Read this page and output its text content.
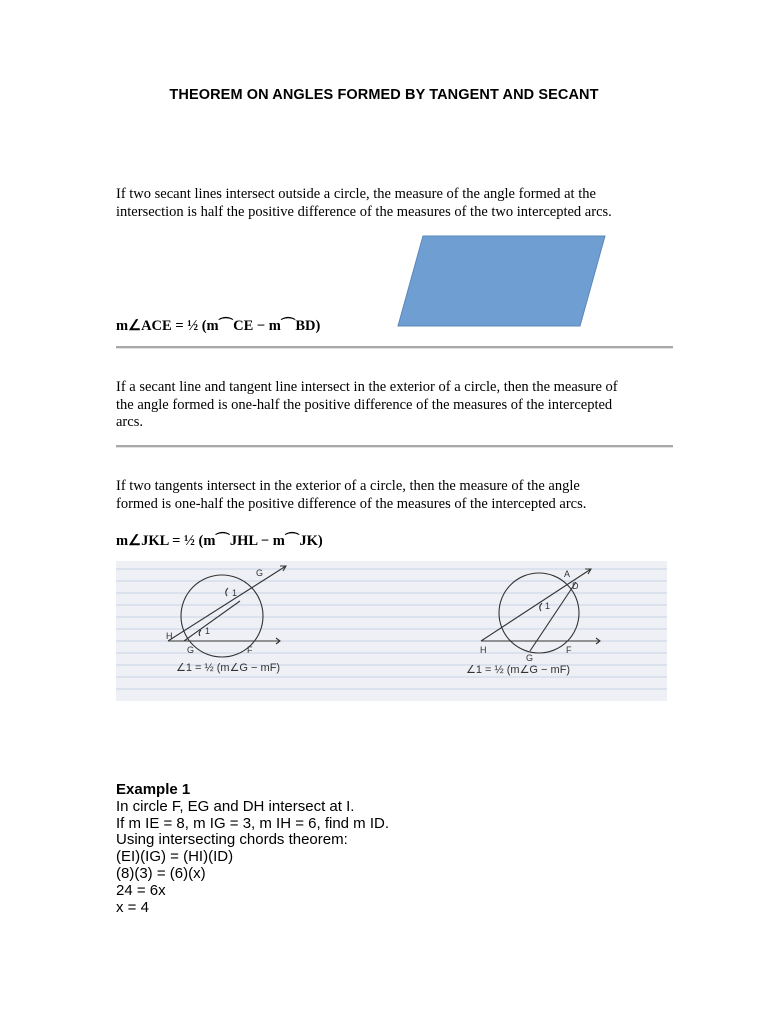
THEOREM ON ANGLES FORMED BY TANGENT AND SECANT
If two secant lines intersect outside a circle, the measure of the angle formed at the
intersection is half the positive difference of the measures of the two intercepted arcs.
m∠ACE = ½ (m⌒CE − m⌒BD)
If a secant line and tangent line intersect in the exterior of a circle, then the measure of
the angle formed is one-half the positive difference of the measures of the intercepted
arcs.
If two tangents intersect in the exterior of a circle, then the measure of the angle
formed is one-half the positive difference of the measures of the intercepted arcs.
m∠JKL = ½ (m⌒JHL − m⌒JK)
G
H
G	F
1
1
∠1 = ½ (m∠G − mF)
A
D
H
G
F
1
∠1 = ½ (m∠G − mF)
Example 1
In circle F, EG and DH intersect at I.
If m IE = 8, m IG = 3, m IH = 6, find m ID.
Using intersecting chords theorem:
(EI)(IG) = (HI)(ID)
(8)(3) = (6)(x)
24 = 6x
x = 4
